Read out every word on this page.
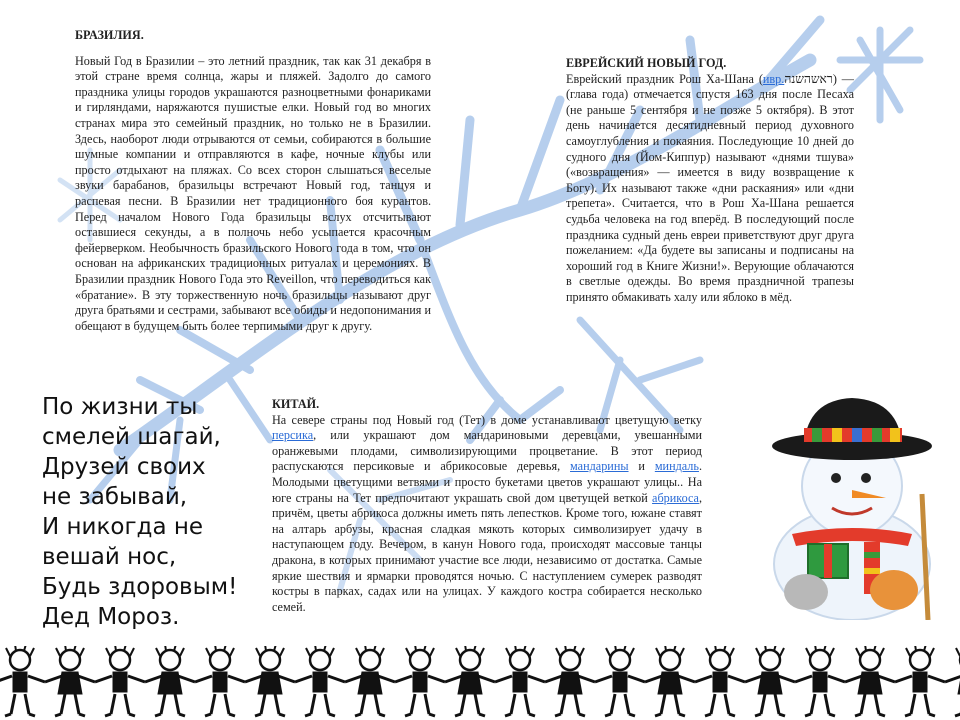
БРАЗИЛИЯ.

Новый Год в Бразилии – это летний праздник, так как 31 декабря в этой стране время солнца, жары и пляжей. Задолго до самого праздника улицы городов украшаются разноцветными фонариками и гирляндами, наряжаются пушистые елки. Новый год во многих странах мира это семейный праздник, но только не в Бразилии. Здесь, наоборот люди отрываются от семьи, собираются в большие шумные компании и отправляются в кафе, ночные клубы или просто отдыхают на пляжах. Со всех сторон слышаться веселые звуки барабанов, бразильцы встречают Новый год, танцуя и распевая песни. В Бразилии нет традиционного боя курантов. Перед началом Нового Года бразильцы вслух отсчитывают оставшиеся секунды, а в полночь небо усыпается красочным фейерверком. Необычность бразильского Нового года в том, что он основан на африканских традиционных ритуалах и церемониях. В Бразилии праздник Нового Года это Reveillon, что переводиться как «братание». В эту торжественную ночь бразильцы называют друг друга братьями и сестрами, забывают все обиды и недопонимания и обещают в будущем быть более терпимыми друг к другу.

ЕВРЕЙСКИЙ НОВЫЙ ГОД.

Еврейский праздник Рош Ха-Шана (ивр.ראשהשנה) — (глава года) отмечается спустя 163 дня после Песаха (не раньше 5 сентября и не позже 5 октября). В этот день начинается десятидневный период духовного самоуглубления и покаяния. Последующие 10 дней до судного дня (Йом-Киппур) называют «днями тшува» («возвращения» — имеется в виду возвращение к Богу). Их называют также «дни раскаяния» или «дни трепета». Считается, что в Рош Ха-Шана решается судьба человека на год вперёд. В последующий после праздника судный день евреи приветствуют друг друга пожеланием: «Да будете вы записаны и подписаны на хороший год в Книге Жизни!». Верующие облачаются в светлые одежды. Во время праздничной трапезы принято обмакивать халу или яблоко в мёд.

КИТАЙ.

На севере страны под Новый год (Тет) в доме устанавливают цветущую ветку персика, или украшают дом мандариновыми деревцами, увешанными оранжевыми плодами, символизирующими процветание. В этот период распускаются персиковые и абрикосовые деревья, мандарины и миндаль. Молодыми цветущими ветвями и просто букетами цветов украшают улицы.. На юге страны на Тет предпочитают украшать свой дом цветущей веткой абрикоса, причём, цветы абрикоса должны иметь пять лепестков. Кроме того, южане ставят на алтарь арбузы, красная сладкая мякоть которых символизирует удачу в наступающем году. Вечером, в канун Нового года, происходят массовые танцы дракона, в которых принимают участие все люди, независимо от достатка. Самые яркие шествия и ярмарки проводятся ночью. С наступлением сумерек разводят костры в парках, садах или на улицах. У каждого костра собирается несколько семей.

По жизни ты
смелей шагай,
Друзей своих
не забывай,
И никогда не
вешай нос,
Будь здоровым!
Дед Мороз.
